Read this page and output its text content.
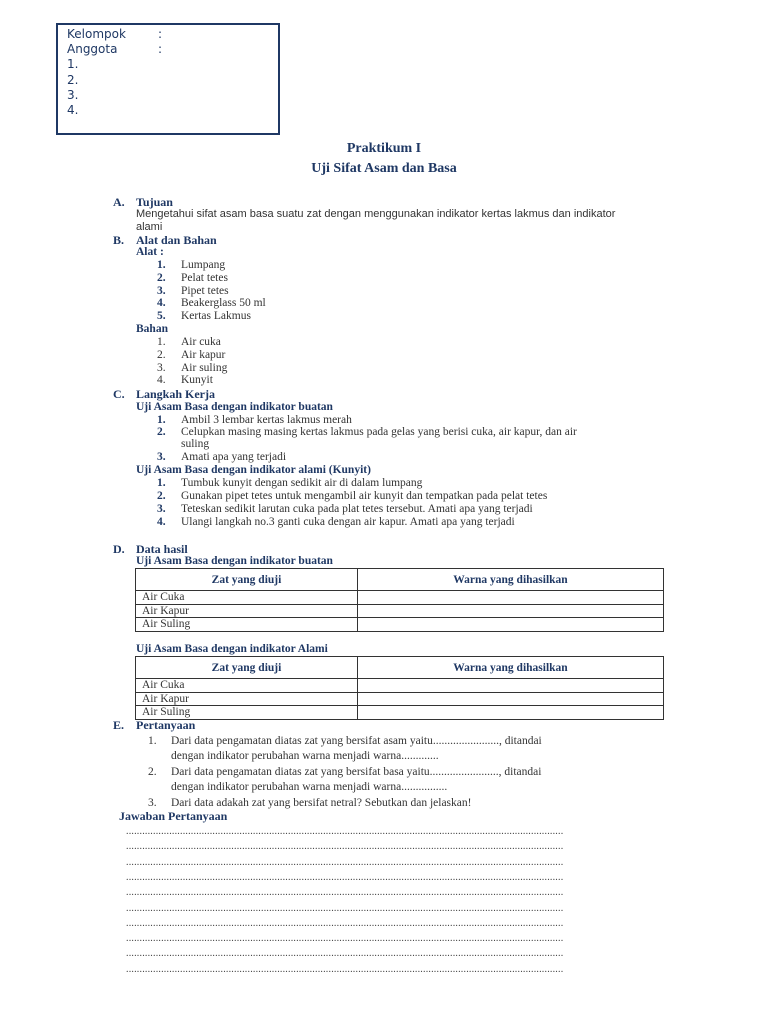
Kelompok	:
Anggota	:
1.
2.
3.
4.
Praktikum I
Uji Sifat Asam dan Basa
A. Tujuan
Mengetahui sifat asam basa suatu zat dengan menggunakan indikator kertas lakmus dan indikator
alami
B. Alat dan Bahan
Alat :
1. Lumpang
2. Pelat tetes
3. Pipet tetes
4. Beakerglass 50 ml
5. Kertas Lakmus
Bahan
1. Air cuka
2. Air kapur
3. Air suling
4. Kunyit
C. Langkah Kerja
Uji Asam Basa dengan indikator buatan
1. Ambil 3 lembar kertas lakmus merah
2. Celupkan masing masing kertas lakmus pada gelas yang berisi cuka, air kapur, dan air
suling
3. Amati apa yang terjadi
Uji Asam Basa dengan indikator alami (Kunyit)
1. Tumbuk kunyit dengan sedikit air di dalam lumpang
2. Gunakan pipet tetes untuk mengambil air kunyit dan tempatkan pada pelat tetes
3. Teteskan sedikit larutan cuka pada plat tetes tersebut. Amati apa yang terjadi
4. Ulangi langkah no.3 ganti cuka dengan air kapur. Amati apa yang terjadi
D. Data hasil
Uji Asam Basa dengan indikator buatan
Zat yang diuji	Warna yang dihasilkan
Air Cuka	
Air Kapur	
Air Suling	
Uji Asam Basa dengan indikator Alami
Zat yang diuji	Warna yang dihasilkan
Air Cuka	
Air Kapur	
Air Suling	
E. Pertanyaan
1. Dari data pengamatan diatas zat yang bersifat asam yaitu......................., ditandai
dengan indikator perubahan warna menjadi warna.............
2. Dari data pengamatan diatas zat yang bersifat basa yaitu........................, ditandai
dengan indikator perubahan warna menjadi warna................
3. Dari data adakah zat yang bersifat netral? Sebutkan dan jelaskan!
Jawaban Pertanyaan
..................................................................................................................................................................
..................................................................................................................................................................
..................................................................................................................................................................
..................................................................................................................................................................
..................................................................................................................................................................
..................................................................................................................................................................
..................................................................................................................................................................
..................................................................................................................................................................
..................................................................................................................................................................
..................................................................................................................................................................
